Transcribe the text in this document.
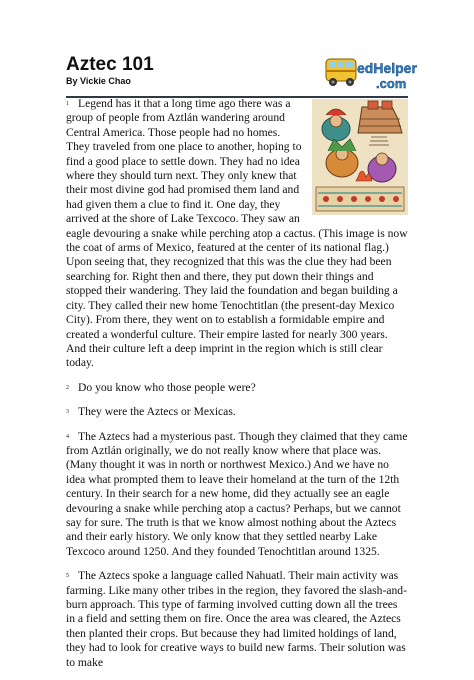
Aztec 101
By Vickie Chao
edHelper
.com

$^1$ Legend has it that a long time ago there was a group of people from Aztlán wandering around Central America. Those people had no homes. They traveled from one place to another, hoping to find a good place to settle down. They had no idea where they should turn next. They only knew that their most divine god had promised them land and had given them a clue to find it. One day, they arrived at the shore of Lake Texcoco. They saw an eagle devouring a snake while perching atop a cactus. (This image is now the coat of arms of Mexico, featured at the center of its national flag.) Upon seeing that, they recognized that this was the clue they had been searching for. Right then and there, they put down their things and stopped their wandering. They laid the foundation and began building a city. They called their new home Tenochtitlan (the present-day Mexico City). From there, they went on to establish a formidable empire and created a wonderful culture. Their empire lasted for nearly 300 years. And their culture left a deep imprint in the region which is still clear today.

$^2$ Do you know who those people were?

$^3$ They were the Aztecs or Mexicas.

$^4$ The Aztecs had a mysterious past. Though they claimed that they came from Aztlán originally, we do not really know where that place was. (Many thought it was in north or northwest Mexico.) And we have no idea what prompted them to leave their homeland at the turn of the 12th century. In their search for a new home, did they actually see an eagle devouring a snake while perching atop a cactus? Perhaps, but we cannot say for sure. The truth is that we know almost nothing about the Aztecs and their early history. We only know that they settled nearby Lake Texcoco around 1250. And they founded Tenochtitlan around 1325.

$^5$ The Aztecs spoke a language called Nahuatl. Their main activity was farming. Like many other tribes in the region, they favored the slash-and-burn approach. This type of farming involved cutting down all the trees in a field and setting them on fire. Once the area was cleared, the Aztecs then planted their crops. But because they had limited holdings of land, they had to look for creative ways to build new farms. Their solution was to make
